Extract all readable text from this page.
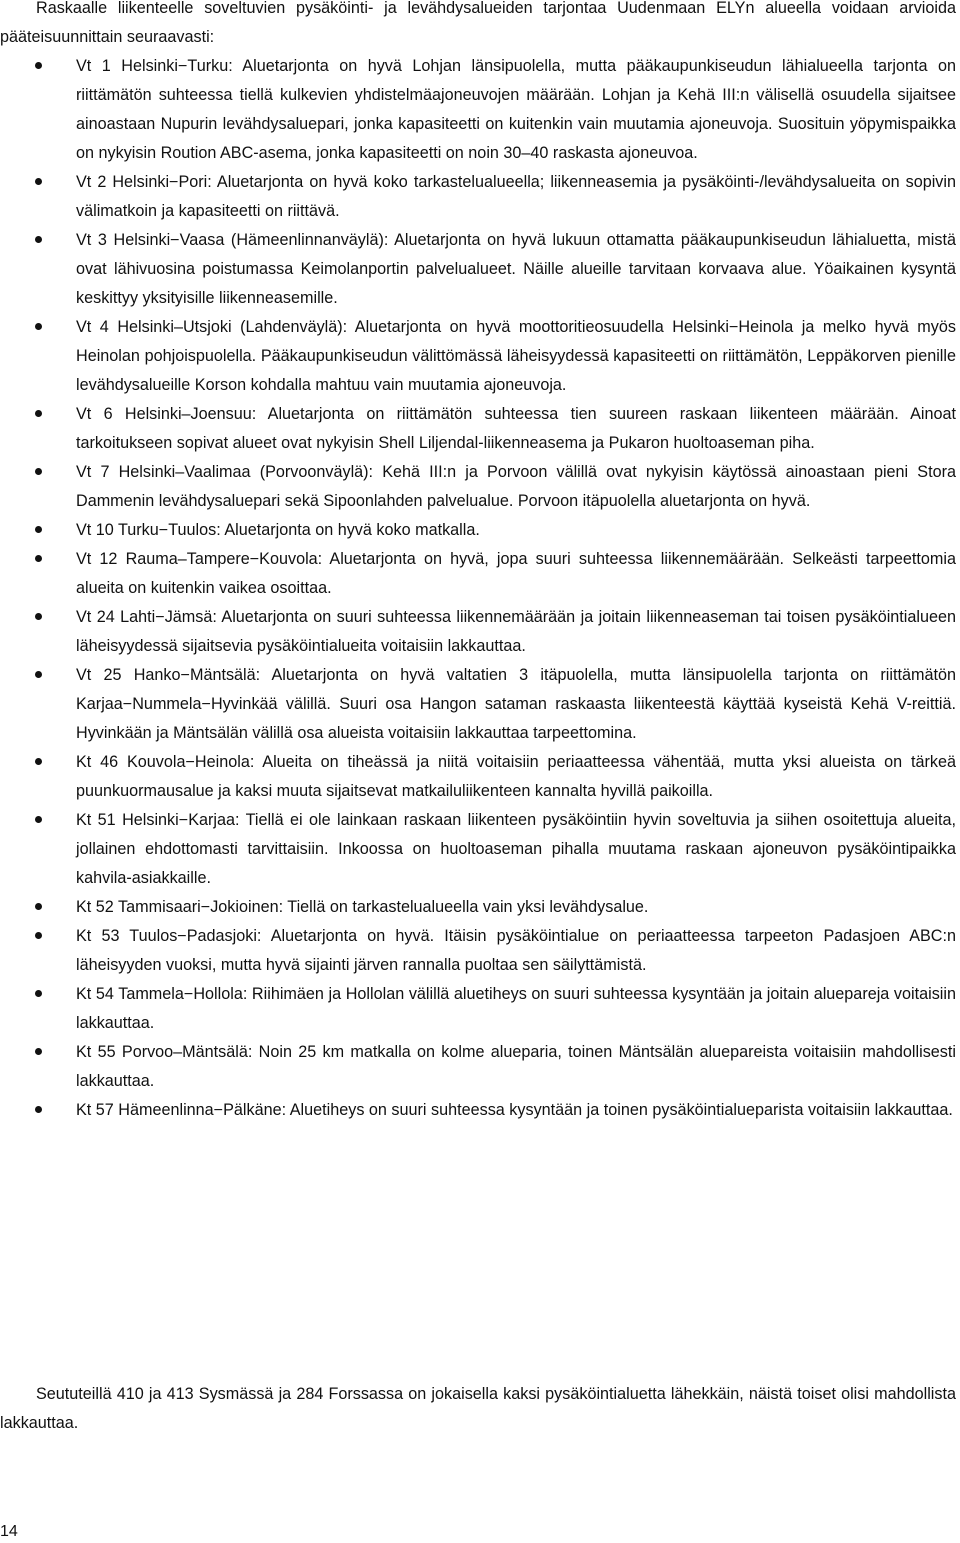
Raskaalle liikenteelle soveltuvien pysäköinti- ja levähdysalueiden tarjontaa Uudenmaan ELYn alueella voidaan arvioida pääteisuunnittain seuraavasti:

Vt 1 Helsinki−Turku: Aluetarjonta on hyvä Lohjan länsipuolella, mutta pääkaupunkiseudun lähialueella tarjonta on riittämätön suhteessa tiellä kulkevien yhdistelmäajoneuvojen määrään. Lohjan ja Kehä III:n välisellä osuudella sijaitsee ainoastaan Nupurin levähdysaluepari, jonka kapasiteetti on kuitenkin vain muutamia ajoneuvoja. Suosituin yöpymispaikka on nykyisin Roution ABC-asema, jonka kapasiteetti on noin 30–40 raskasta ajoneuvoa.
Vt 2 Helsinki−Pori: Aluetarjonta on hyvä koko tarkastelualueella; liikenneasemia ja pysäköinti-/levähdysalueita on sopivin välimatkoin ja kapasiteetti on riittävä.
Vt 3 Helsinki−Vaasa (Hämeenlinnanväylä): Aluetarjonta on hyvä lukuun ottamatta pääkaupunkiseudun lähialuetta, mistä ovat lähivuosina poistumassa Keimolanportin palvelualueet. Näille alueille tarvitaan korvaava alue. Yöaikainen kysyntä keskittyy yksityisille liikenneasemille.
Vt 4 Helsinki–Utsjoki (Lahdenväylä): Aluetarjonta on hyvä moottoritieosuudella Helsinki−Heinola ja melko hyvä myös Heinolan pohjoispuolella. Pääkaupunkiseudun välittömässä läheisyydessä kapasiteetti on riittämätön, Leppäkorven pienille levähdysalueille Korson kohdalla mahtuu vain muutamia ajoneuvoja.
Vt 6 Helsinki–Joensuu: Aluetarjonta on riittämätön suhteessa tien suureen raskaan liikenteen määrään. Ainoat tarkoitukseen sopivat alueet ovat nykyisin Shell Liljendal-liikenneasema ja Pukaron huoltoaseman piha.
Vt 7 Helsinki–Vaalimaa (Porvoonväylä): Kehä III:n ja Porvoon välillä ovat nykyisin käytössä ainoastaan pieni Stora Dammenin levähdysaluepari sekä Sipoonlahden palvelualue. Porvoon itäpuolella aluetarjonta on hyvä.
Vt 10 Turku−Tuulos: Aluetarjonta on hyvä koko matkalla.
Vt 12 Rauma–Tampere−Kouvola: Aluetarjonta on hyvä, jopa suuri suhteessa liikennemäärään. Selkeästi tarpeettomia alueita on kuitenkin vaikea osoittaa.
Vt 24 Lahti−Jämsä: Aluetarjonta on suuri suhteessa liikennemäärään ja joitain liikenneaseman tai toisen pysäköintialueen läheisyydessä sijaitsevia pysäköintialueita voitaisiin lakkauttaa.
Vt 25 Hanko−Mäntsälä: Aluetarjonta on hyvä valtatien 3 itäpuolella, mutta länsipuolella tarjonta on riittämätön Karjaa−Nummela−Hyvinkää välillä. Suuri osa Hangon sataman raskaasta liikenteestä käyttää kyseistä Kehä V-reittiä. Hyvinkään ja Mäntsälän välillä osa alueista voitaisiin lakkauttaa tarpeettomina.
Kt 46 Kouvola−Heinola: Alueita on tiheässä ja niitä voitaisiin periaatteessa vähentää, mutta yksi alueista on tärkeä puunkuormausalue ja kaksi muuta sijaitsevat matkailuliikenteen kannalta hyvillä paikoilla.
Kt 51 Helsinki−Karjaa: Tiellä ei ole lainkaan raskaan liikenteen pysäköintiin hyvin soveltuvia ja siihen osoitettuja alueita, jollainen ehdottomasti tarvittaisiin. Inkoossa on huoltoaseman pihalla muutama raskaan ajoneuvon pysäköintipaikka kahvila-asiakkaille.
Kt 52 Tammisaari−Jokioinen: Tiellä on tarkastelualueella vain yksi levähdysalue.
Kt 53 Tuulos−Padasjoki: Aluetarjonta on hyvä. Itäisin pysäköintialue on periaatteessa tarpeeton Padasjoen ABC:n läheisyyden vuoksi, mutta hyvä sijainti järven rannalla puoltaa sen säilyttämistä.
Kt 54 Tammela−Hollola: Riihimäen ja Hollolan välillä aluetiheys on suuri suhteessa kysyntään ja joitain alueparejа voitaisiin lakkauttaa.
Kt 55 Porvoo–Mäntsälä: Noin 25 km matkalla on kolme alueparia, toinen Mäntsälän aluepareista voitaisiin mahdollisesti lakkauttaa.
Kt 57 Hämeenlinna−Pälkäne: Aluetiheys on suuri suhteessa kysyntään ja toinen pysäköintialueparista voitaisiin lakkauttaa.

Seututeillä 410 ja 413 Sysmässä ja 284 Forssassa on jokaisella kaksi pysäköintialuetta lähekkäin, näistä toiset olisi mahdollista lakkauttaa.

14
